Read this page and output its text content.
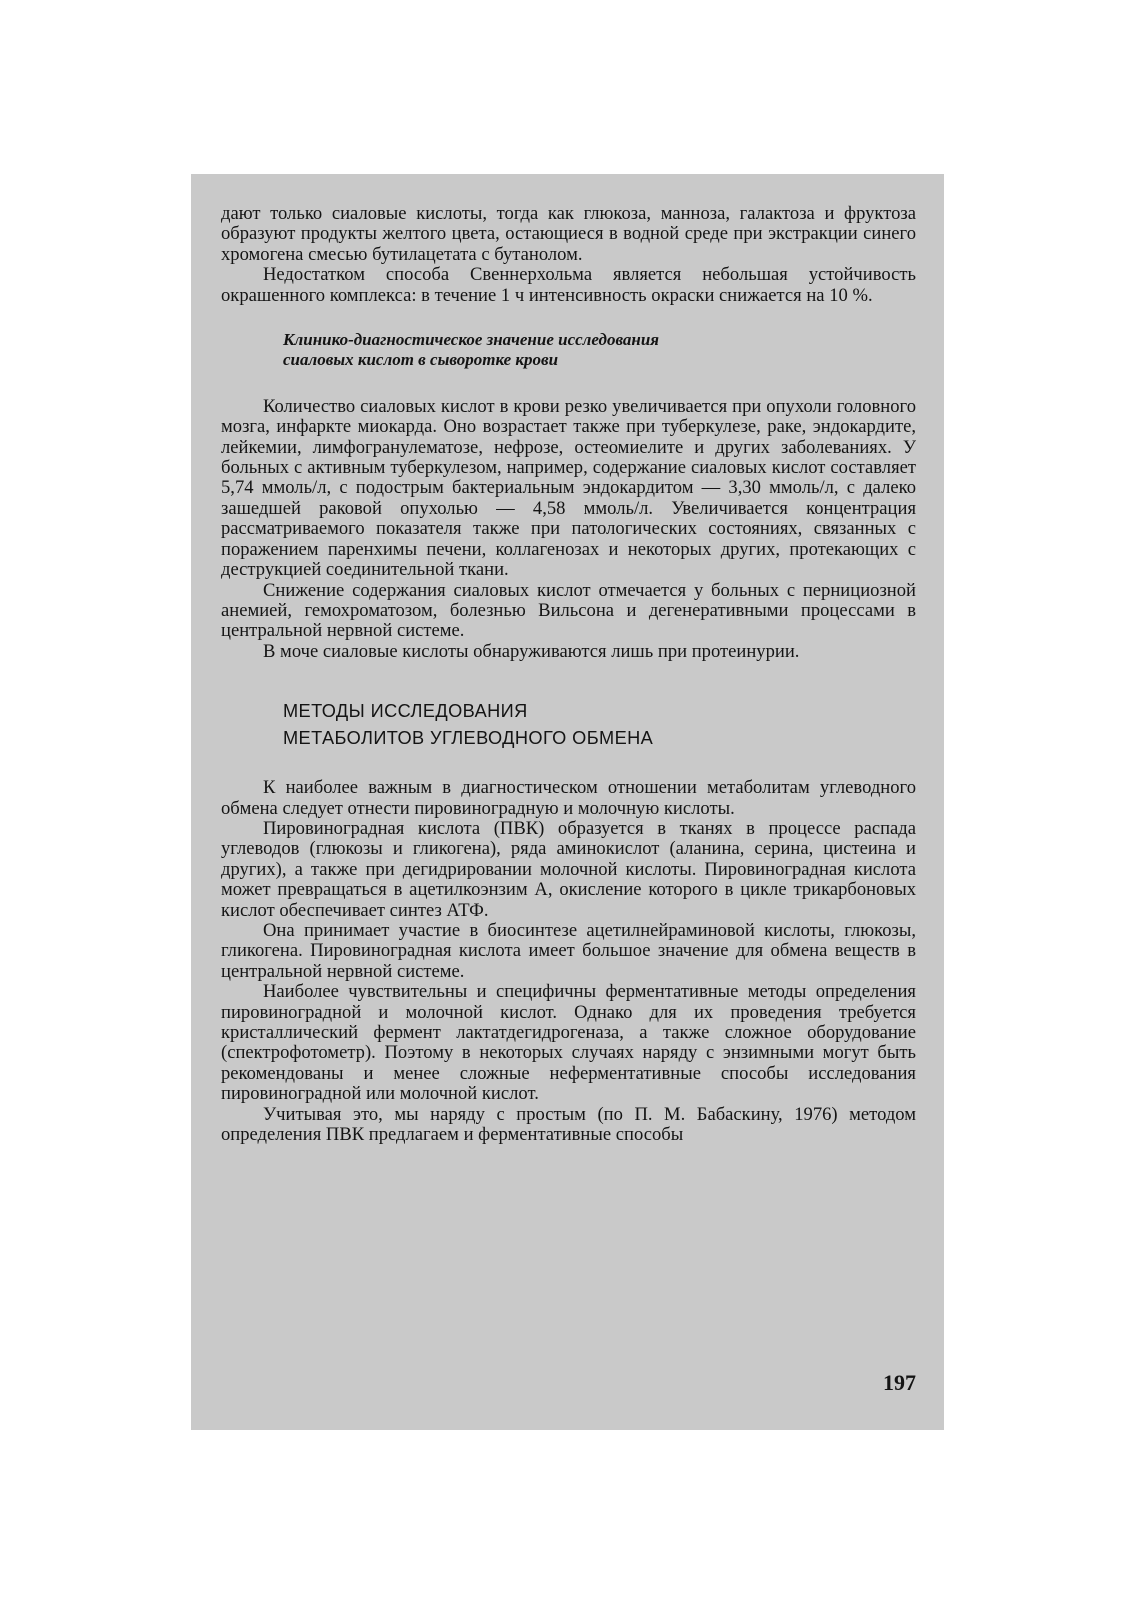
дают только сиаловые кислоты, тогда как глюкоза, манноза, галактоза и фруктоза образуют продукты желтого цвета, остающиеся в водной среде при экстракции синего хромогена смесью бутилацетата с бутанолом.

Недостатком способа Свеннерхольма является небольшая устойчивость окрашенного комплекса: в течение 1 ч интенсивность окраски снижается на 10 %.

Клинико-диагностическое значение исследования
сиаловых кислот в сыворотке крови

Количество сиаловых кислот в крови резко увеличивается при опухоли головного мозга, инфаркте миокарда. Оно возрастает также при туберкулезе, раке, эндокардите, лейкемии, лимфогранулематозе, нефрозе, остеомиелите и других заболеваниях. У больных с активным туберкулезом, например, содержание сиаловых кислот составляет 5,74 ммоль/л, с подострым бактериальным эндокардитом — 3,30 ммоль/л, с далеко зашедшей раковой опухолью — 4,58 ммоль/л. Увеличивается концентрация рассматриваемого показателя также при патологических состояниях, связанных с поражением паренхимы печени, коллагенозах и некоторых других, протекающих с деструкцией соединительной ткани.

Снижение содержания сиаловых кислот отмечается у больных с пернициозной анемией, гемохроматозом, болезнью Вильсона и дегенеративными процессами в центральной нервной системе.

В моче сиаловые кислоты обнаруживаются лишь при протеинурии.

МЕТОДЫ ИССЛЕДОВАНИЯ
МЕТАБОЛИТОВ УГЛЕВОДНОГО ОБМЕНА

К наиболее важным в диагностическом отношении метаболитам углеводного обмена следует отнести пировиноградную и молочную кислоты.

Пировиноградная кислота (ПВК) образуется в тканях в процессе распада углеводов (глюкозы и гликогена), ряда аминокислот (аланина, серина, цистеина и других), а также при дегидрировании молочной кислоты. Пировиноградная кислота может превращаться в ацетилкоэнзим А, окисление которого в цикле трикарбоновых кислот обеспечивает синтез АТФ.

Она принимает участие в биосинтезе ацетилнейраминовой кислоты, глюкозы, гликогена. Пировиноградная кислота имеет большое значение для обмена веществ в центральной нервной системе.

Наиболее чувствительны и специфичны ферментативные методы определения пировиноградной и молочной кислот. Однако для их проведения требуется кристаллический фермент лактатдегидрогеназа, а также сложное оборудование (спектрофотометр). Поэтому в некоторых случаях наряду с энзимными могут быть рекомендованы и менее сложные неферментативные способы исследования пировиноградной или молочной кислот.

Учитывая это, мы наряду с простым (по П. М. Бабаскину, 1976) методом определения ПВК предлагаем и ферментативные способы

197
